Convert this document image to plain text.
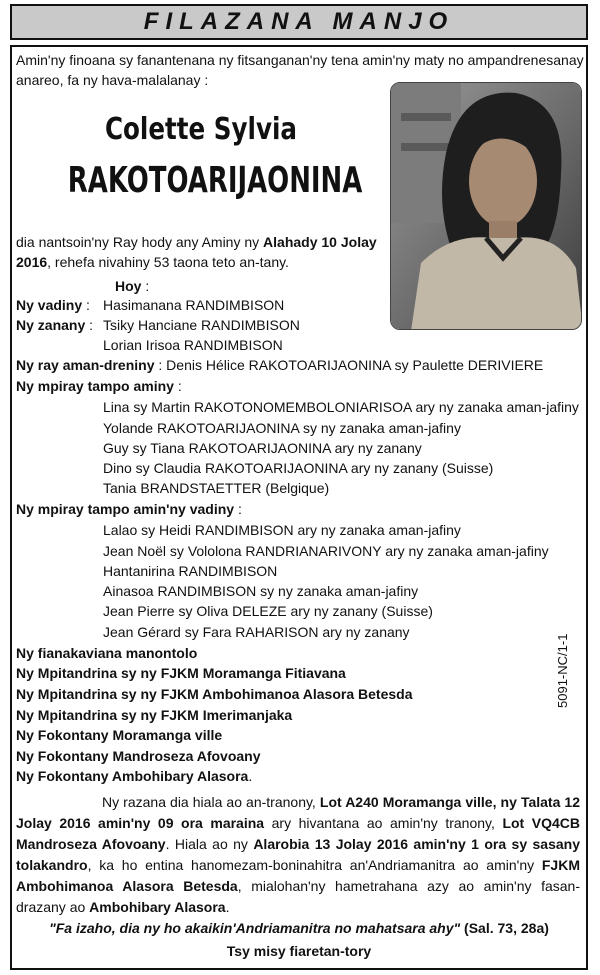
FILAZANA MANJO
Amin'ny finoana sy fanantenana ny fitsanganan'ny tena amin'ny maty no ampandrenesanay anareo, fa ny hava-malalanay :
Colette Sylvia
RAKOTOARIJAONINA
dia nantsoin'ny Ray hody any Aminy ny Alahady 10 Jolay 2016, rehefa nivahiny 53 taona teto an-tany.
Hoy :
Ny vadiny : Hasimanana RANDIMBISON
Ny zanany : Tsiky Hanciane RANDIMBISON
Lorian Irisoa RANDIMBISON
Ny ray aman-dreniny : Denis Hélice RAKOTOARIJAONINA sy Paulette DERIVIERE
Ny mpiray tampo aminy :
Lina sy Martin RAKOTONOMEMBOLONIARISOA ary ny zanaka aman-jafiny
Yolande RAKOTOARIJAONINA sy ny zanaka aman-jafiny
Guy sy Tiana RAKOTOARIJAONINA ary ny zanany
Dino sy Claudia RAKOTOARIJAONINA ary ny zanany (Suisse)
Tania BRANDSTAETTER (Belgique)
Ny mpiray tampo amin'ny vadiny :
Lalao sy Heidi RANDIMBISON ary ny zanaka aman-jafiny
Jean Noël sy Vololona RANDRIANARIVONY ary ny zanaka aman-jafiny
Hantanirina RANDIMBISON
Ainasoa RANDIMBISON sy ny zanaka aman-jafiny
Jean Pierre sy Oliva DELEZE ary ny zanany (Suisse)
Jean Gérard sy Fara RAHARISON ary ny zanany
Ny fianakaviana manontolo
Ny Mpitandrina sy ny FJKM Moramanga Fitiavana
Ny Mpitandrina sy ny FJKM Ambohimanoa Alasora Betesda
Ny Mpitandrina sy ny FJKM Imerimanjaka
Ny Fokontany Moramanga ville
Ny Fokontany Mandroseza Afovoany
Ny Fokontany Ambohibary Alasora.

Ny razana dia hiala ao an-tranony, Lot A240 Moramanga ville, ny Talata 12 Jolay 2016 amin'ny 09 ora maraina ary hivantana ao amin'ny tranony, Lot VQ4CB Mandroseza Afovoany. Hiala ao ny Alarobia 13 Jolay 2016 amin'ny 1 ora sy sasany tolakandro, ka ho entina hanomezam-boninahitra an'Andriamanitra ao amin'ny FJKM Ambohimanoa Alasora Betesda, mialohan'ny hametrahana azy ao amin'ny fasan-drazany ao Ambohibary Alasora.

"Fa izaho, dia ny ho akaikin'Andriamanitra no mahatsara ahy" (Sal. 73, 28a)
Tsy misy fiaretan-tory
5091-NC/1-1
